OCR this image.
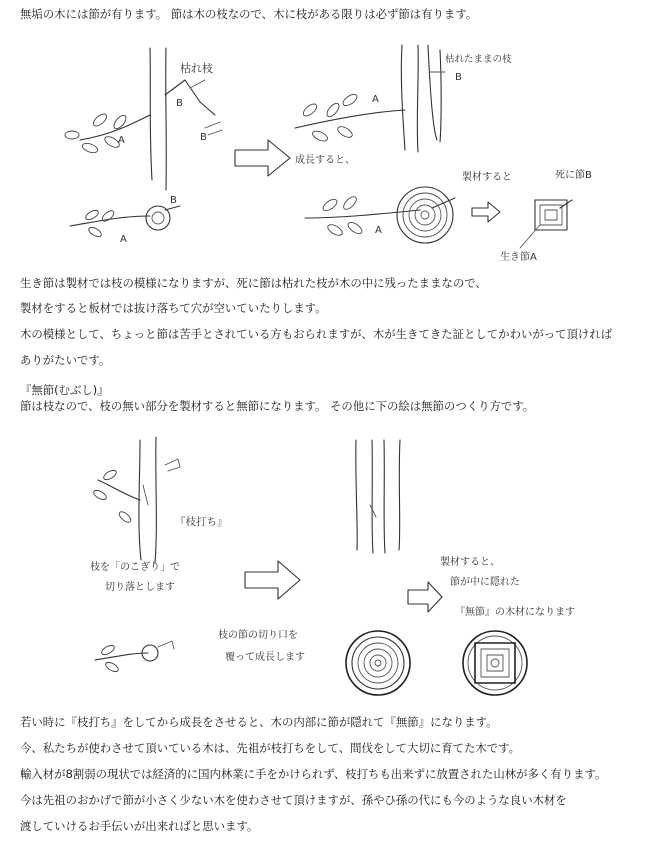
無垢の木には節が有ります。 節は木の枝なので、木に枝がある限りは必ず節は有ります。
枯れ枝
A
B
B
成長すると、
枯れたままの枝
A
B
B
A
製材すると
A
死に節B
生き節A
生き節は製材では枝の模様になりますが、死に節は枯れた枝が木の中に残ったままなので、
製材をすると板材では抜け落ちて穴が空いていたりします。
木の模様として、ちょっと節は苦手とされている方もおられますが、木が生きてきた証としてかわいがって頂ければ
ありがたいです。
『無節(むぶし)』
節は枝なので、枝の無い部分を製材すると無節になります。 その他に下の絵は無節のつくり方です。
『枝打ち』
枝を「のこぎり」で
切り落とします
製材すると、
節が中に隠れた
『無節』の木材になります
枝の節の切り口を
覆って成長します
若い時に『枝打ち』をしてから成長をさせると、木の内部に節が隠れて『無節』になります。
今、私たちが使わさせて頂いている木は、先祖が枝打ちをして、間伐をして大切に育てた木です。
輸入材が8割弱の現状では経済的に国内林業に手をかけられず、枝打ちも出来ずに放置された山林が多く有ります。
今は先祖のおかげで節が小さく少ない木を使わさせて頂けますが、孫やひ孫の代にも今のような良い木材を
渡していけるお手伝いが出来ればと思います。
